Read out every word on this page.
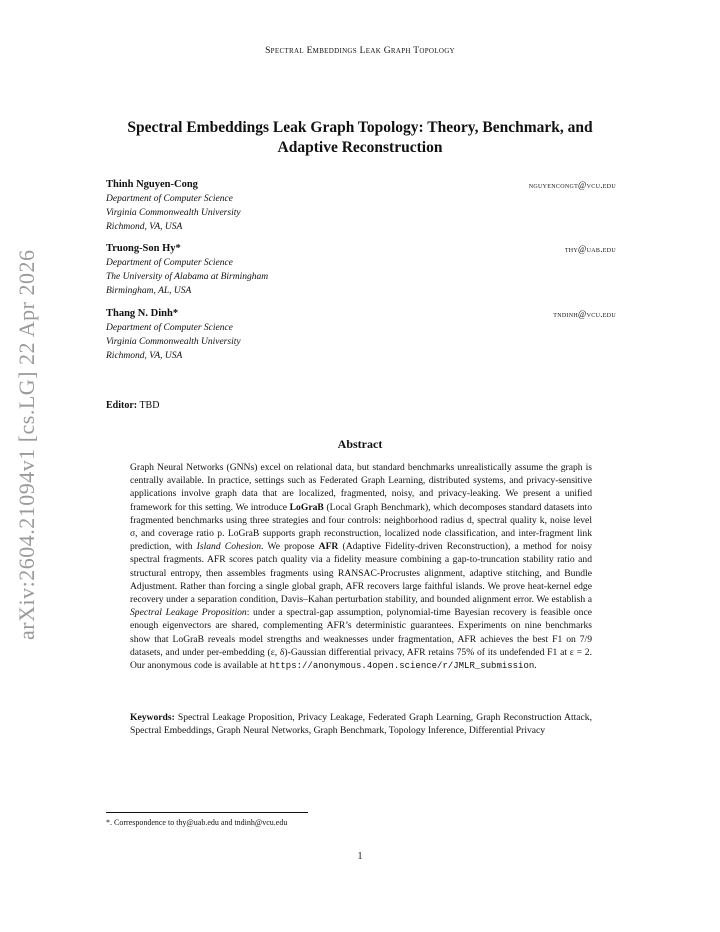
Spectral Embeddings Leak Graph Topology
arXiv:2604.21094v1 [cs.LG] 22 Apr 2026
Spectral Embeddings Leak Graph Topology: Theory, Benchmark, and Adaptive Reconstruction
Thinh Nguyen-Cong	nguyencongt@vcu.edu
Department of Computer Science
Virginia Commonwealth University
Richmond, VA, USA
Truong-Son Hy*	thy@uab.edu
Department of Computer Science
The University of Alabama at Birmingham
Birmingham, AL, USA
Thang N. Dinh*	tndinh@vcu.edu
Department of Computer Science
Virginia Commonwealth University
Richmond, VA, USA
Editor: TBD
Abstract
Graph Neural Networks (GNNs) excel on relational data, but standard benchmarks unrealistically assume the graph is centrally available. In practice, settings such as Federated Graph Learning, distributed systems, and privacy-sensitive applications involve graph data that are localized, fragmented, noisy, and privacy-leaking. We present a unified framework for this setting. We introduce LoGraB (Local Graph Benchmark), which decomposes standard datasets into fragmented benchmarks using three strategies and four controls: neighborhood radius d, spectral quality k, noise level σ, and coverage ratio p. LoGraB supports graph reconstruction, localized node classification, and inter-fragment link prediction, with Island Cohesion. We propose AFR (Adaptive Fidelity-driven Reconstruction), a method for noisy spectral fragments. AFR scores patch quality via a fidelity measure combining a gap-to-truncation stability ratio and structural entropy, then assembles fragments using RANSAC-Procrustes alignment, adaptive stitching, and Bundle Adjustment. Rather than forcing a single global graph, AFR recovers large faithful islands. We prove heat-kernel edge recovery under a separation condition, Davis–Kahan perturbation stability, and bounded alignment error. We establish a Spectral Leakage Proposition: under a spectral-gap assumption, polynomial-time Bayesian recovery is feasible once enough eigenvectors are shared, complementing AFR’s deterministic guarantees. Experiments on nine benchmarks show that LoGraB reveals model strengths and weaknesses under fragmentation, AFR achieves the best F1 on 7/9 datasets, and under per-embedding (ε, δ)-Gaussian differential privacy, AFR retains 75% of its undefended F1 at ε = 2. Our anonymous code is available at https://anonymous.4open.science/r/JMLR_submission.
Keywords: Spectral Leakage Proposition, Privacy Leakage, Federated Graph Learning, Graph Reconstruction Attack, Spectral Embeddings, Graph Neural Networks, Graph Benchmark, Topology Inference, Differential Privacy
*. Correspondence to thy@uab.edu and tndinh@vcu.edu
1
